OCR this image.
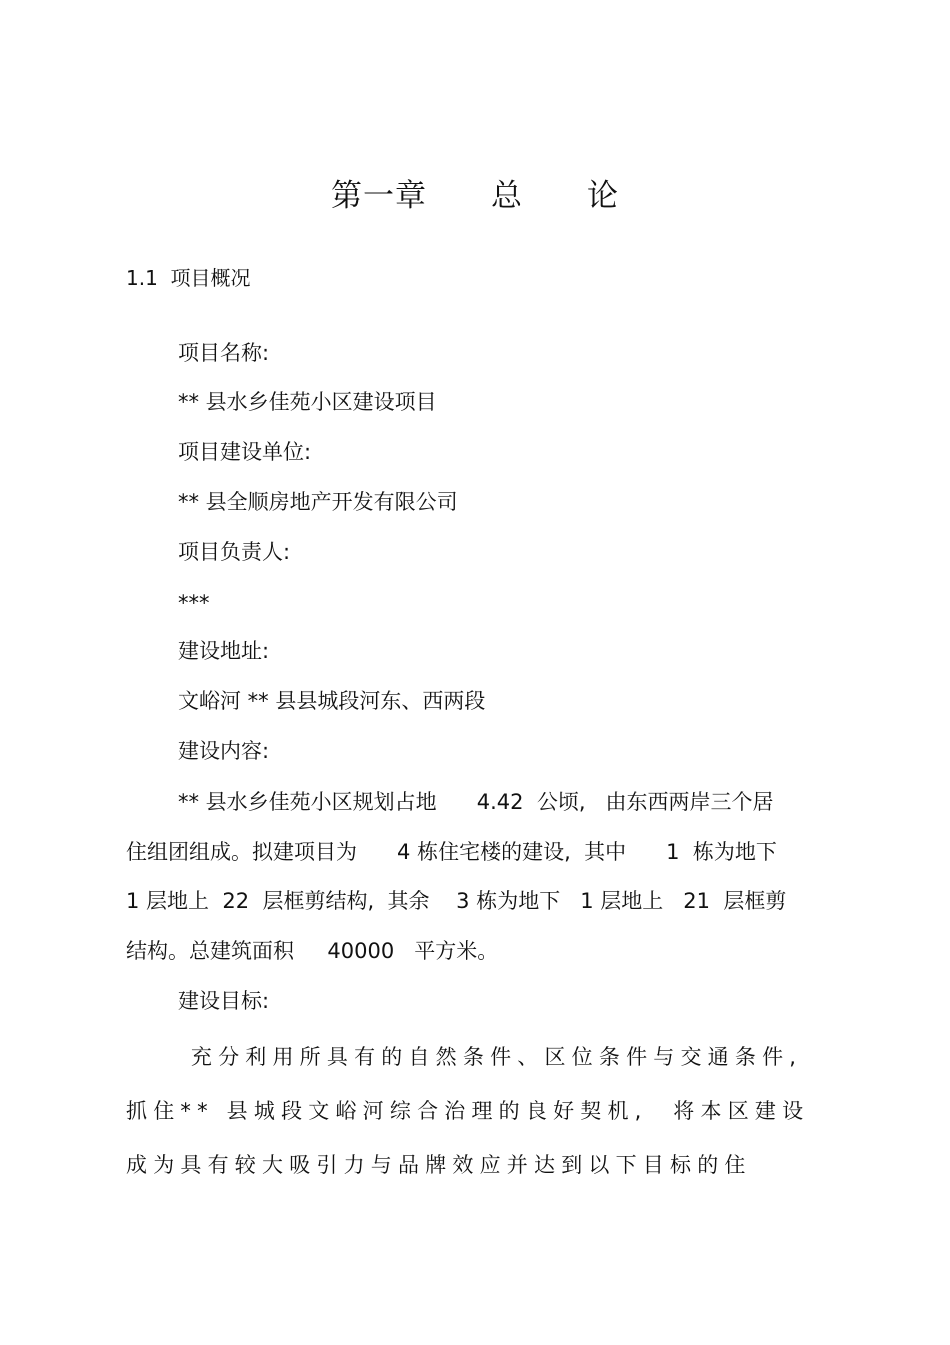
第一章　　总　　论
1.1  项目概况
项目名称:
** 县水乡佳苑小区建设项目
项目建设单位:
** 县全顺房地产开发有限公司
项目负责人:
***
建设地址:
文峪河 ** 县县城段河东、西两段
建设内容:
** 县水乡佳苑小区规划占地      4.42  公顷,   由东西两岸三个居
住组团组成。拟建项目为      4 栋住宅楼的建设,  其中      1  栋为地下
1 层地上  22  层框剪结构,  其余    3 栋为地下   1 层地上   21  层框剪
结构。总建筑面积     40000   平方米。
建设目标:
充分利用所具有的自然条件、区位条件与交通条件,
抓住** 县城段文峪河综合治理的良好契机,  将本区建设
成为具有较大吸引力与品牌效应并达到以下目标的住
